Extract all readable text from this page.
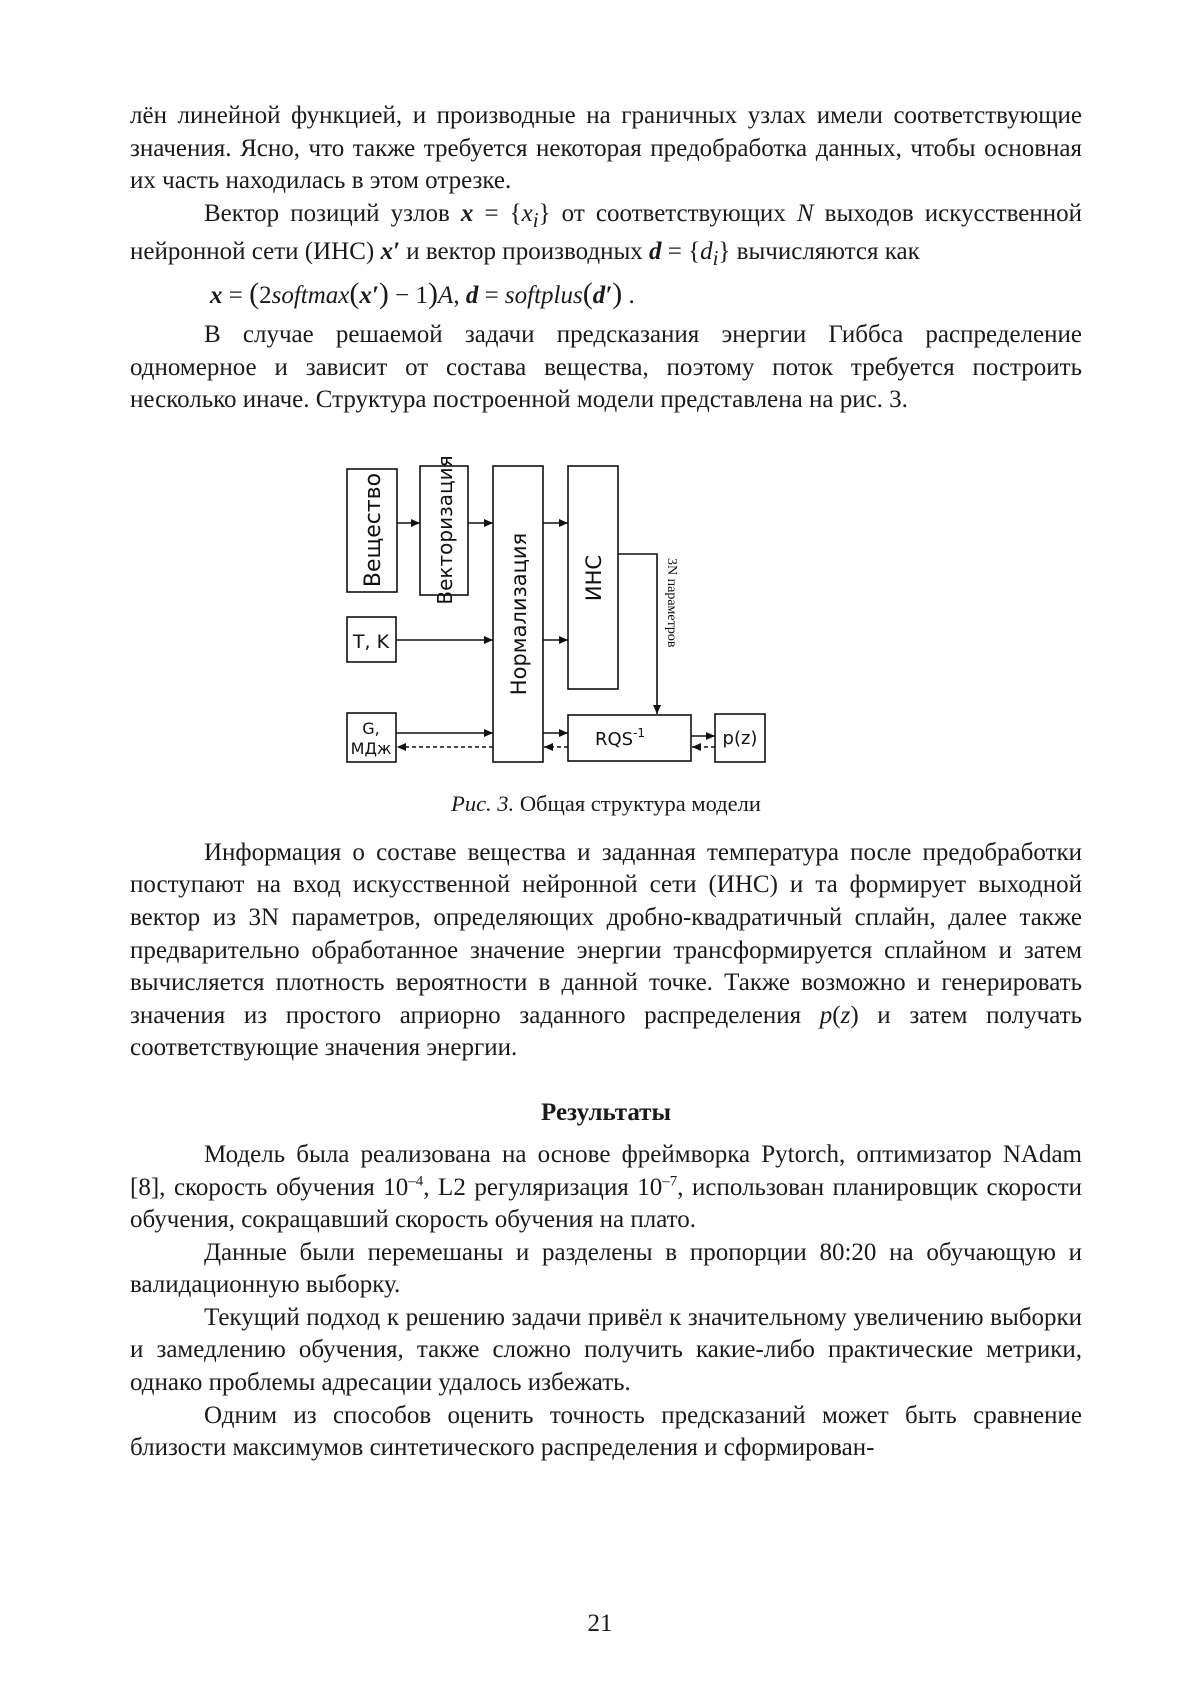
лён линейной функцией, и производные на граничных узлах имели соответствующие значения. Ясно, что также требуется некоторая предобработка данных, чтобы основная их часть находилась в этом отрезке.

Вектор позиций узлов $x = \{x_i\}$ от соответствующих N выходов искусственной нейронной сети (ИНС) x′ и вектор производных $d = \{d_i\}$ вычисляются как

x = (2softmax(x′) − 1)A, d = softplus(d′) .

В случае решаемой задачи предсказания энергии Гиббса распределение одномерное и зависит от состава вещества, поэтому поток требуется построить несколько иначе. Структура построенной модели представлена на рис. 3.

Вещество Векторизация
Нормализация ИНС
T, K
G,
МДж	$RQS^{-1}$	p(z)
3N параметров
Рис. 3. Общая структура модели

Информация о составе вещества и заданная температура после предобработки поступают на вход искусственной нейронной сети (ИНС) и та формирует выходной вектор из 3N параметров, определяющих дробно-квадратичный сплайн, далее также предварительно обработанное значение энергии трансформируется сплайном и затем вычисляется плотность вероятности в данной точке. Также возможно и генерировать значения из простого априорно заданного распределения p(z) и затем получать соответствующие значения энергии.

Результаты

Модель была реализована на основе фреймворка Pytorch, оптимизатор NAdam [8], скорость обучения $10^{-4}$, L2 регуляризация $10^{-7}$, использован планировщик скорости обучения, сокращавший скорость обучения на плато.

Данные были перемешаны и разделены в пропорции 80:20 на обучающую и валидационную выборку.

Текущий подход к решению задачи привёл к значительному увеличению выборки и замедлению обучения, также сложно получить какие-либо практические метрики, однако проблемы адресации удалось избежать.

Одним из способов оценить точность предсказаний может быть сравнение близости максимумов синтетического распределения и сформирован-

21
